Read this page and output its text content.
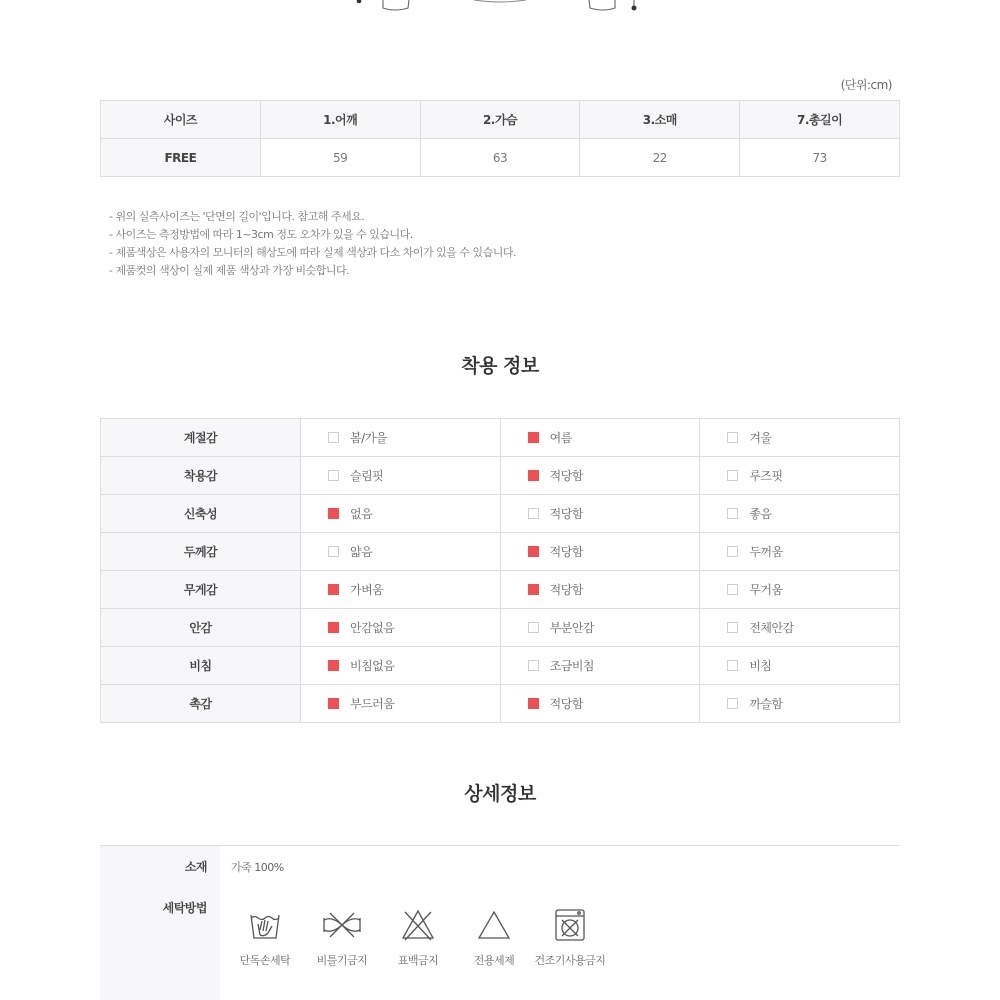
(단위:cm)
사이즈	1.어깨	2.가슴	3.소매	7.총길이
FREE	59	63	22	73

- 위의 실측사이즈는 '단면의 길이'입니다. 참고해 주세요.

- 사이즈는 측정방법에 따라 1~3cm 정도 오차가 있을 수 있습니다.

- 제품색상은 사용자의 모니터의 해상도에 따라 실제 색상과 다소 차이가 있을 수 있습니다.

- 제품컷의 색상이 실제 제품 색상과 가장 비슷합니다.

착용 정보
계절감	봄/가을	여름	겨울
착용감	슬림핏	적당함	루즈핏
신축성	없음	적당함	좋음
두께감	얇음	적당함	두꺼움
무게감	가벼움	적당함	무거움
안감	안감없음	부분안감	전체안감
비침	비침없음	조금비침	비침
촉감	부드러움	적당함	까슬함
상세정보
소재 가죽 100%
세탁방법
단독손세탁	비틀기금지	표백금지	전용세제	건조기사용금지
